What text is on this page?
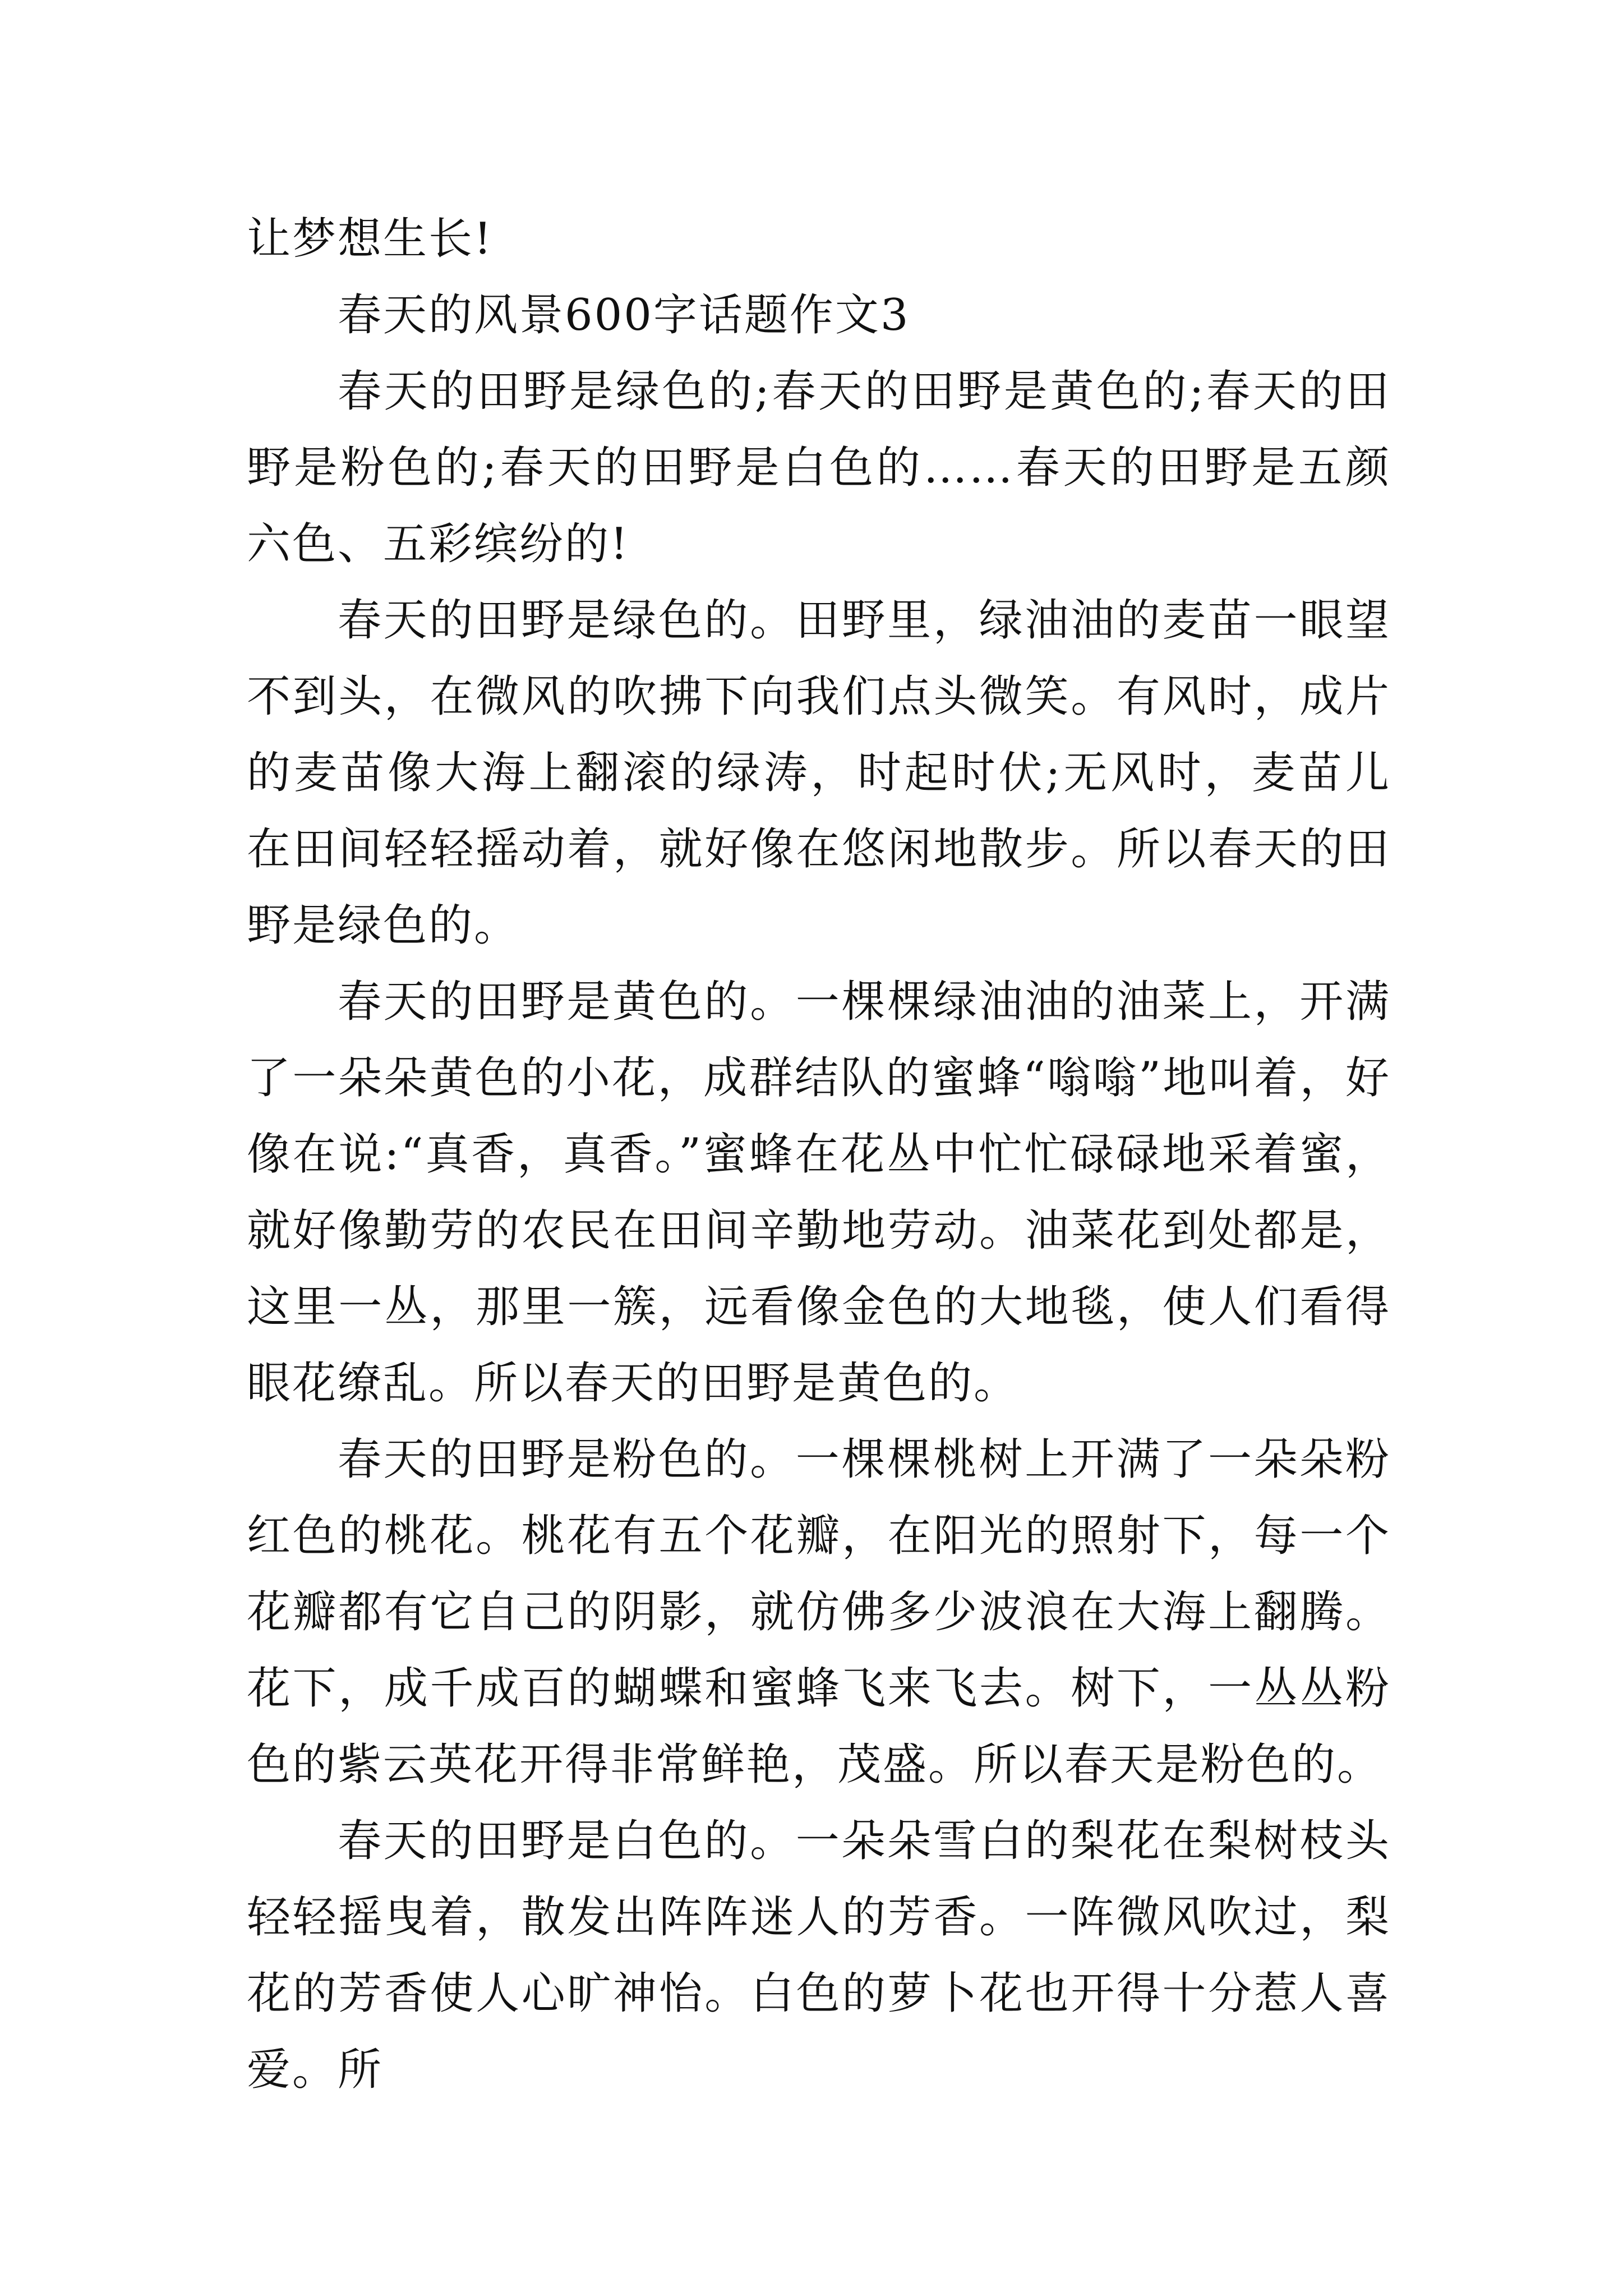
让梦想生长!

春天的风景600字话题作文3

春天的田野是绿色的;春天的田野是黄色的;春天的田野是粉色的;春天的田野是白色的……春天的田野是五颜六色、五彩缤纷的!

春天的田野是绿色的。田野里，绿油油的麦苗一眼望不到头，在微风的吹拂下向我们点头微笑。有风时，成片的麦苗像大海上翻滚的绿涛，时起时伏;无风时，麦苗儿在田间轻轻摇动着，就好像在悠闲地散步。所以春天的田野是绿色的。

春天的田野是黄色的。一棵棵绿油油的油菜上，开满了一朵朵黄色的小花，成群结队的蜜蜂“嗡嗡”地叫着，好像在说:“真香，真香。”蜜蜂在花丛中忙忙碌碌地采着蜜，就好像勤劳的农民在田间辛勤地劳动。油菜花到处都是，这里一丛，那里一簇，远看像金色的大地毯，使人们看得眼花缭乱。所以春天的田野是黄色的。

春天的田野是粉色的。一棵棵桃树上开满了一朵朵粉红色的桃花。桃花有五个花瓣，在阳光的照射下，每一个花瓣都有它自己的阴影，就仿佛多少波浪在大海上翻腾。花下，成千成百的蝴蝶和蜜蜂飞来飞去。树下，一丛丛粉色的紫云英花开得非常鲜艳，茂盛。所以春天是粉色的。

春天的田野是白色的。一朵朵雪白的梨花在梨树枝头轻轻摇曳着，散发出阵阵迷人的芳香。一阵微风吹过，梨花的芳香使人心旷神怡。白色的萝卜花也开得十分惹人喜爱。所
